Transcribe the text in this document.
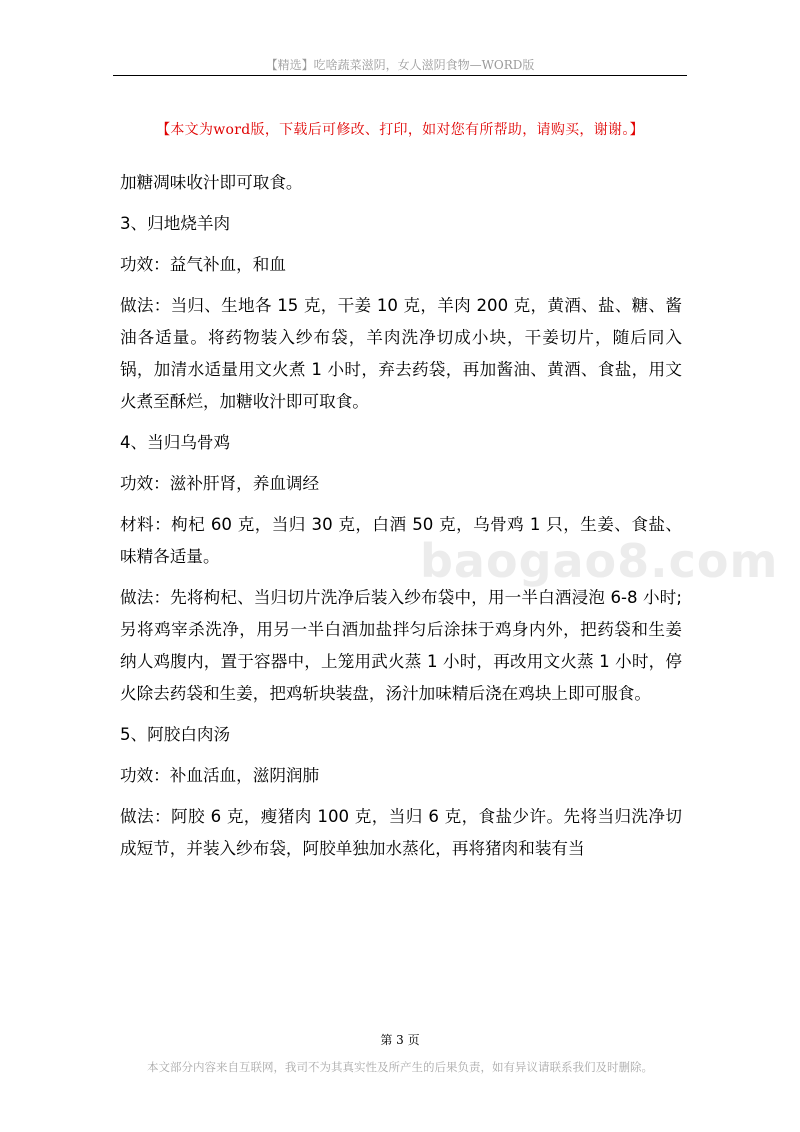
【精选】吃啥蔬菜滋阴，女人滋阴食物—WORD版
【本文为word版，下载后可修改、打印，如对您有所帮助，请购买，谢谢。】
baogao8.com

加糖凋味收汁即可取食。

3、归地烧羊肉

功效：益气补血，和血

做法：当归、生地各 15 克，干姜 10 克，羊肉 200 克，黄酒、盐、糖、酱油各适量。将药物装入纱布袋，羊肉洗净切成小块，干姜切片，随后同入锅，加清水适量用文火煮 1 小时，弃去药袋，再加酱油、黄酒、食盐，用文火煮至酥烂，加糖收汁即可取食。

4、当归乌骨鸡

功效：滋补肝肾，养血调经

材料：枸杞 60 克，当归 30 克，白酒 50 克，乌骨鸡 1 只，生姜、食盐、味精各适量。

做法：先将枸杞、当归切片洗净后装入纱布袋中，用一半白酒浸泡 6-8 小时;另将鸡宰杀洗净，用另一半白酒加盐拌匀后涂抹于鸡身内外，把药袋和生姜纳人鸡腹内，置于容器中，上笼用武火蒸 1 小时，再改用文火蒸 1 小时，停火除去药袋和生姜，把鸡斩块装盘，汤汁加味精后浇在鸡块上即可服食。

5、阿胶白肉汤

功效：补血活血，滋阴润肺

做法：阿胶 6 克，瘦猪肉 100 克，当归 6 克，食盐少许。先将当归洗净切成短节，并装入纱布袋，阿胶单独加水蒸化，再将猪肉和装有当

第 3 页
本文部分内容来自互联网，我司不为其真实性及所产生的后果负责，如有异议请联系我们及时删除。
